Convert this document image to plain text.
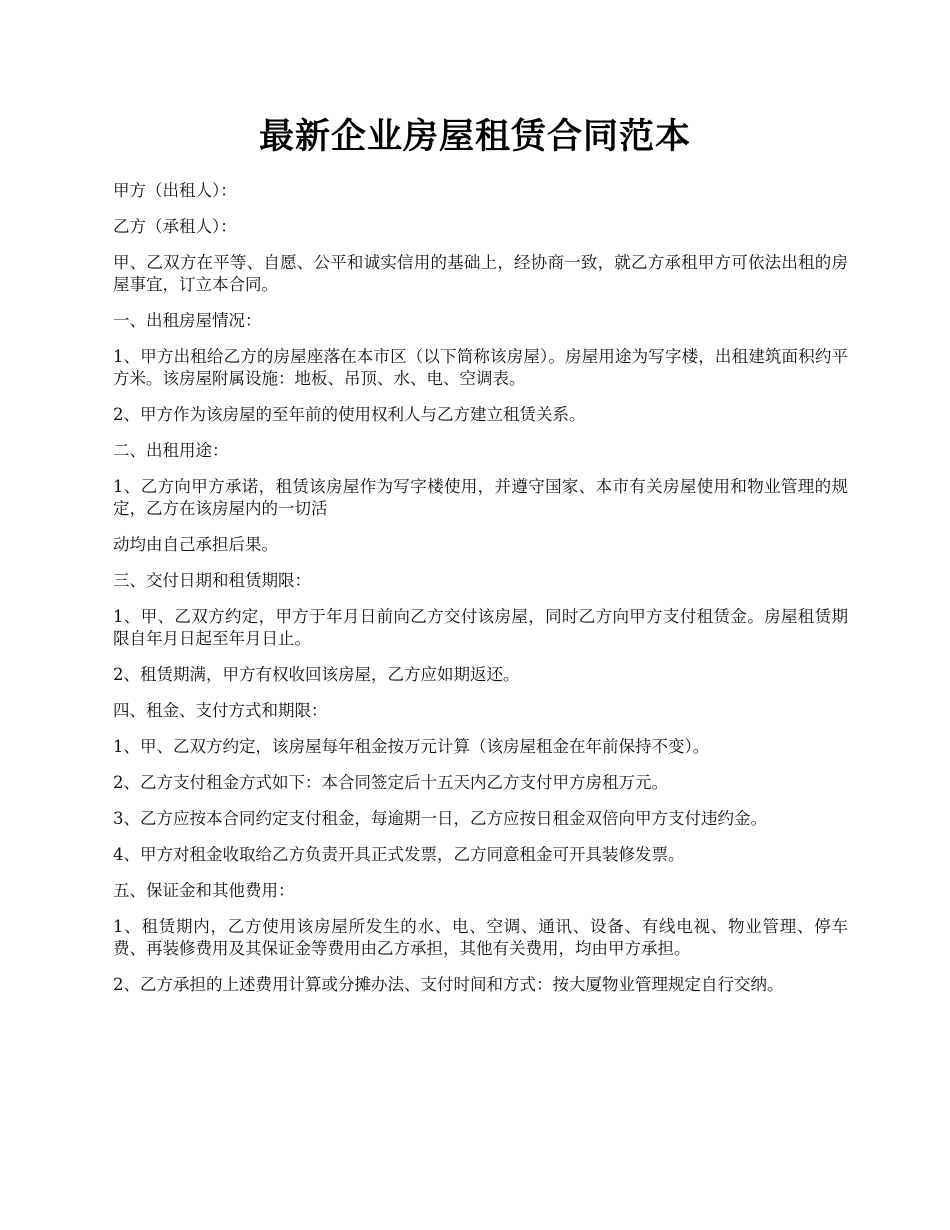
最新企业房屋租赁合同范本

甲方（出租人）：

乙方（承租人）：

甲、乙双方在平等、自愿、公平和诚实信用的基础上，经协商一致，就乙方承租甲方可依法出租的房屋事宜，订立本合同。

一、出租房屋情况：

1、甲方出租给乙方的房屋座落在本市区（以下简称该房屋）。房屋用途为写字楼，出租建筑面积约平方米。该房屋附属设施：地板、吊顶、水、电、空调表。

2、甲方作为该房屋的至年前的使用权利人与乙方建立租赁关系。

二、出租用途：

1、乙方向甲方承诺，租赁该房屋作为写字楼使用，并遵守国家、本市有关房屋使用和物业管理的规定，乙方在该房屋内的一切活

动均由自己承担后果。

三、交付日期和租赁期限：

1、甲、乙双方约定，甲方于年月日前向乙方交付该房屋，同时乙方向甲方支付租赁金。房屋租赁期限自年月日起至年月日止。

2、租赁期满，甲方有权收回该房屋，乙方应如期返还。

四、租金、支付方式和期限：

1、甲、乙双方约定，该房屋每年租金按万元计算（该房屋租金在年前保持不变）。

2、乙方支付租金方式如下：本合同签定后十五天内乙方支付甲方房租万元。

3、乙方应按本合同约定支付租金，每逾期一日，乙方应按日租金双倍向甲方支付违约金。

4、甲方对租金收取给乙方负责开具正式发票，乙方同意租金可开具装修发票。

五、保证金和其他费用：

1、租赁期内，乙方使用该房屋所发生的水、电、空调、通讯、设备、有线电视、物业管理、停车费、再装修费用及其保证金等费用由乙方承担，其他有关费用，均由甲方承担。

2、乙方承担的上述费用计算或分摊办法、支付时间和方式：按大厦物业管理规定自行交纳。
